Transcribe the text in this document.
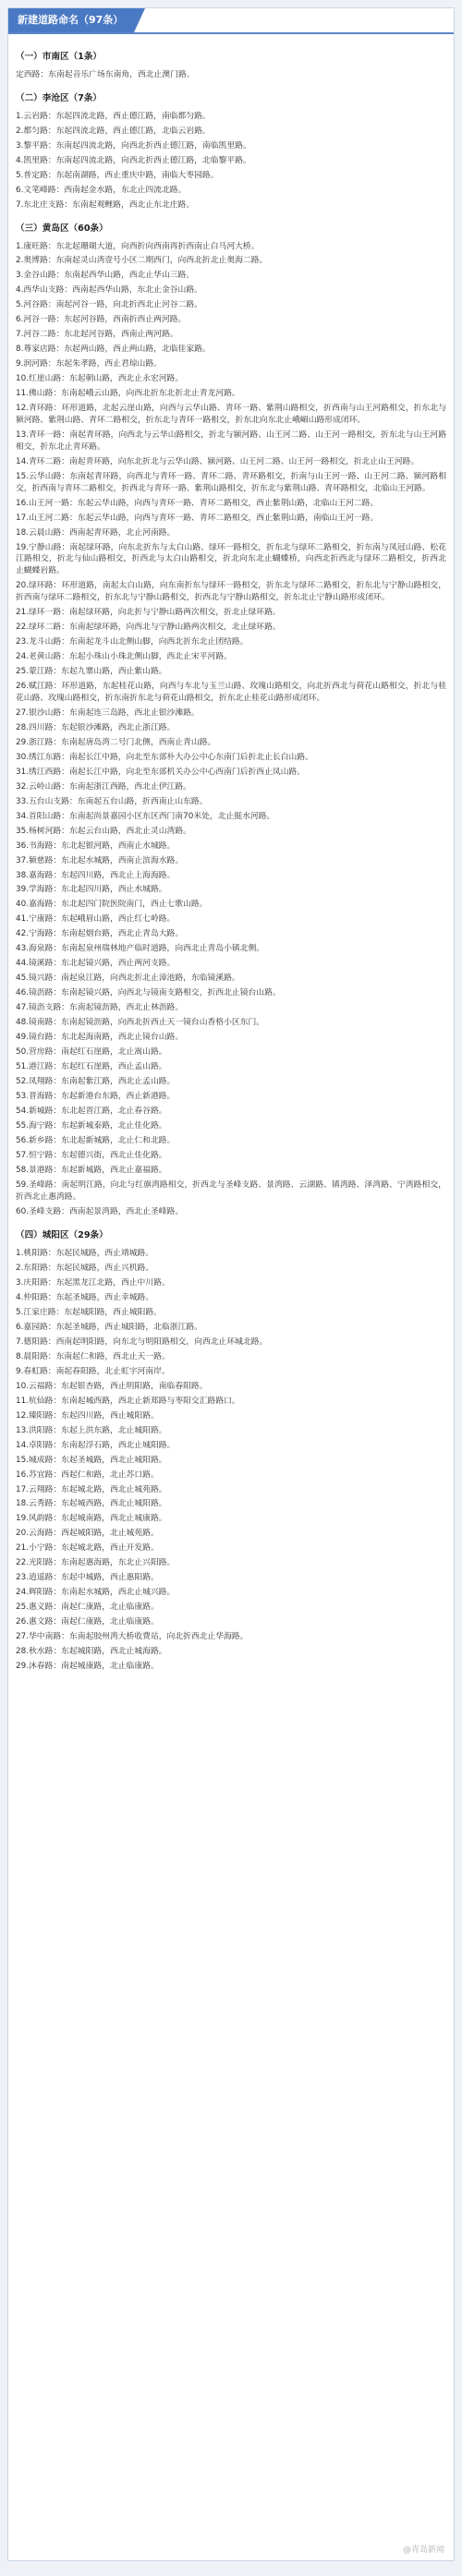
新建道路命名（97条）
（一）市南区（1条）
定西路：东南起音乐广场东南角，西北止澳门路。
（二）李沧区（7条）
1.云岩路：东起四流北路，西止德江路，南临都匀路。
2.都匀路：东起四流北路，西止德江路，北临云岩路。
3.黎平路：东南起四流北路，向西北折西止德江路，南临凯里路。
4.凯里路：东南起四流北路，向西北折西止德江路，北临黎平路。
5.普定路：东起南湖路，西止重庆中路，南临大枣园路。
6.文笔峰路：西南起金水路，东北止四流北路。
7.东北庄支路：东南起观鲤路，西北止东北庄路。
（三）黄岛区（60条）
1.康旺路：东北起珊瑚大道，向西折向西南再折西南止白马河大桥。
2.奥博路：东南起灵山湾壹号小区二期西门，向西北折北止奥海二路。
3.金谷山路：东南起西华山路，西北止华山三路。
4.西华山支路：西南起西华山路，东北止金谷山路。
5.河谷路：南起河谷一路，向北折西北止河谷二路。
6.河谷一路：东起河谷路，西南折西止两河路。
7.河谷二路：东北起河谷路，西南止两河路。
8.尊家店路：东起两山路，西止两山路，北临佳家路。
9.润河路：东起朱孝路，西止君琼山路。
10.红崖山路：东起朝山路，西北止永宏河路。
11.佛山路：东南起峨云山路，向西北折东北折北止青龙河路。
12.青环路：环形道路，北起云崖山路，向西与云华山路、青环一路、紫荆山路相交，折西南与山王河路相交，折东北与颍河路、紫荆山路、青环二路相交，折东北与青环一路相交，折东北向东北止峨嵋山路形成闭环。
13.青环一路：南起青环路，向西北与云华山路相交，折北与颍河路、山王河二路、山王河一路相交，折东北与山王河路相交，折东北止青环路。
14.青环二路：南起青环路，向东北折北与云华山路、颍河路、山王河二路、山王河一路相交，折北止山王河路。
15.云华山路：东南起青环路，向西北与青环一路、青环二路、青环路相交，折南与山王河一路、山王河二路、颍河路相交，折西南与青环二路相交，折西北与青环一路、紫荆山路相交，折东北与紫荆山路、青环路相交，北临山王河路。
16.山王河一路：东起云华山路，向西与青环一路、青环二路相交，西止紫荆山路，北临山王河二路。
17.山王河二路：东起云华山路，向西与青环一路、青环二路相交，西止紫荆山路，南临山王河一路。
18.云晨山路：西南起青环路，北止河南路。
19.宁静山路：南起绿环路，向东北折东与太白山路、绿环一路相交，折东北与绿环二路相交，折东南与凤冠山路、松花江路相交，折北与仙山路相交，折西北与太白山路相交，折北向东北止蝴蝶桥，向西北折西北与绿环二路相交，折西北止蝴蝶岩路。
20.绿环路：环形道路，南起太白山路，向东南折东与绿环一路相交，折东北与绿环二路相交，折东北与宁静山路相交，折西南与绿环二路相交，折东北与宁静山路相交，折西北与宁静山路相交，折东北止宁静山路形成闭环。
21.绿环一路：南起绿环路，向北折与宁静山路两次相交，折北止绿环路。
22.绿环二路：东南起绿环路，向西北与宁静山路两次相交，北止绿环路。
23.龙斗山路：东南起龙斗山北侧山脚，向西北折东北止团结路。
24.老黄山路：东起小珠山小珠北侧山脚，西北止宋平河路。
25.蒙江路：东起九寨山路，西止紫山路。
26.赋江路：环形道路，东起桂花山路，向西与车北与玉兰山路、玫瑰山路相交，向北折西北与荷花山路相交，折北与桂花山路、玫瑰山路相交，折东南折东北与荷花山路相交，折东北止桂花山路形成闭环。
27.银沙山路：东南起连三岛路，西北止银沙滩路。
28.四川路：东起银沙滩路，西北止浙江路。
29.浙江路：东南起唐岛湾二号门北侧，西南止青山路。
30.绣江东路：南起长江中路，向北至东部朴大办公中心东南门后折北止长白山路。
31.绣江西路：南起长江中路，向北至东部机关办公中心西南门后折西止凤山路。
32.云岭山路：东南起浙江西路，西北止伊江路。
33.五台山支路：东南起五台山路，折西南止山东路。
34.首阳山路：东南起尚景嘉园小区东区西门南70米处，北止挺水河路。
35.杨树河路：东起云台山路，西北止灵山湾路。
36.书海路：东北起银河路，西南止水城路。
37.颍慈路：东北起水城路，西南止滨海水路。
38.嘉海路：东起四川路，西北止上海海路。
39.学海路：东北起四川路，西止水城路。
40.嘉海路：东北起四门院医院南门，西止七歌山路。
41.宁康路：东起峨眉山路，西止红七岭路。
42.宁海路：东南起烟台路，西北止青岛大路。
43.海泉路：东南起泉州瑞林地产临时道路，向西北止青岛小镇北侧。
44.镜溪路：东北起镜兴路，西止两河支路。
45.镜兴路：南起泉江路，向西北折北止漳池路，东临镜溪路。
46.镜沥路：东南起镜兴路，向西北与镜南支路相交，折西北止镜台山路。
47.镜沥支路：东南起镜沥路，西北止林沥路。
48.镜南路：东南起镜沥路，向西北折西止天一镜台山香格小区东门。
49.镜台路：东北起海南路，西北止镜台山路。
50.营房路：南起红石崖路，北止嵩山路。
51.港江路：东起红石崖路，西止孟山路。
52.凤翔路：东南起紫江路，西北止孟山路。
53.晋海路：东起新港台东路，西止新港路。
54.新城路：东北起晋江路，北止春谷路。
55.海宁路：东起新城泰路，北止佳化路。
56.新乡路：东北起新城路，北止仁和北路。
57.恒宁路：东起德兴街，西北止佳化路。
58.景港路：东起新城路，西北止嘉福路。
59.圣峰路：南起明江路，向北与红旗湾路相交，折西北与圣峰支路、景湾路、云湖路、镇湾路、泽湾路、宁湾路相交，折西北止惠湾路。
60.圣峰支路：西南起景湾路，西北止圣峰路。
（四）城阳区（29条）
1.桃阳路：东起民城路，西止靖城路。
2.东阳路：东起民城路，西止兴机路。
3.庆阳路：东起黑龙江北路，西止中川路。
4.仲阳路：东起圣城路，西止幸城路。
5.江家庄路：东起城阳路，西止城阳路。
6.嘉园路：东起圣城路，西止城阳路，北临浙江路。
7.德阳路：西南起明阳路，向东北与明阳路相交，向西北止环城北路。
8.晨阳路：东南起仁和路，西北止天一路。
9.春虹路：南起春阳路，北止虹宇河南岸。
10.云福路：东起银杏路，西止明阳路，南临春阳路。
11.杭仙路：东南起城西路，西北止新郑路与枣阳交汇路路口。
12.臻阳路：东起四川路，西止城阳路。
13.洪阳路：东起上洪东路，北止城阳路。
14.卓阳路：东南起浮石路，西北止城阳路。
15.城成路：东起圣城路，西北止城阳路。
16.苏宜路：西起仁和路，北止苏口路。
17.云翔路：东起城北路，西北止城苑路。
18.云秀路：东起城西路，西北止城阳路。
19.风韵路：东起城南路，西北止城康路。
20.云海路：西起城阳路，北止城苑路。
21.小宁路：东起城北路，西止开发路。
22.光阳路：东南起惠海路，东北止兴阳路。
23.逍遥路：东起中城路，西止惠阳路。
24.辉阳路：东南起水城路，西北止城兴路。
25.惠义路：南起仁康路，北止临康路。
26.惠文路：南起仁康路，北止临康路。
27.华中南路：东南起胶州湾大桥收费站，向北折西北止华海路。
28.秋水路：东起城阳路，西北止城海路。
29.沐春路：南起城康路，北止临康路。
@青岛新闻
